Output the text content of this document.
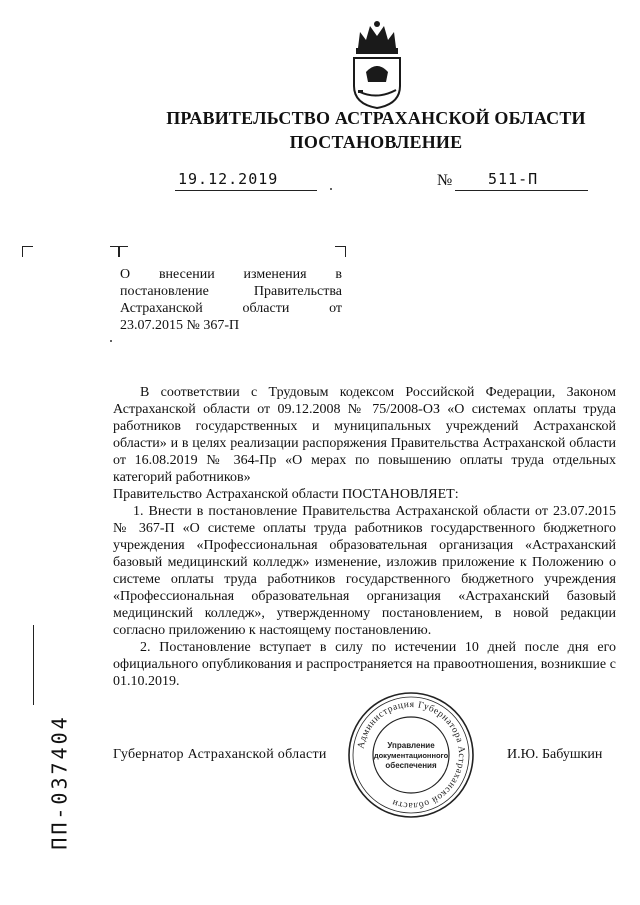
ПРАВИТЕЛЬСТВО АСТРАХАНСКОЙ ОБЛАСТИ
ПОСТАНОВЛЕНИЕ
19.12.2019	№ 511-П
О внесении изменения в
постановление Правительства
Астраханской области от
23.07.2015 № 367-П

В соответствии с Трудовым кодексом Российской Федерации, Законом Астраханской области от 09.12.2008 № 75/2008-ОЗ «О системах оплаты труда работников государственных и муниципальных учреждений Астраханской области» и в целях реализации распоряжения Правительства Астраханской области от 16.08.2019 № 364-Пр «О мерах по повышению оплаты труда отдельных категорий работников»

Правительство Астраханской области ПОСТАНОВЛЯЕТ:

1. Внести в постановление Правительства Астраханской области от 23.07.2015 № 367-П «О системе оплаты труда работников государственного бюджетного учреждения «Профессиональная образовательная организация «Астраханский базовый медицинский колледж» изменение, изложив приложение к Положению о системе оплаты труда работников государственного бюджетного учреждения «Профессиональная образовательная организация «Астраханский базовый медицинский колледж», утвержденному постановлением, в новой редакции согласно приложению к настоящему постановлению.

2. Постановление вступает в силу по истечении 10 дней после дня его официального опубликования и распространяется на правоотношения, возникшие с 01.10.2019.

Губернатор Астраханской области	И.Ю. Бабушкин
Администрация Губернатора Астраханской области
Управление
документационного
обеспечения
ПП-037404
